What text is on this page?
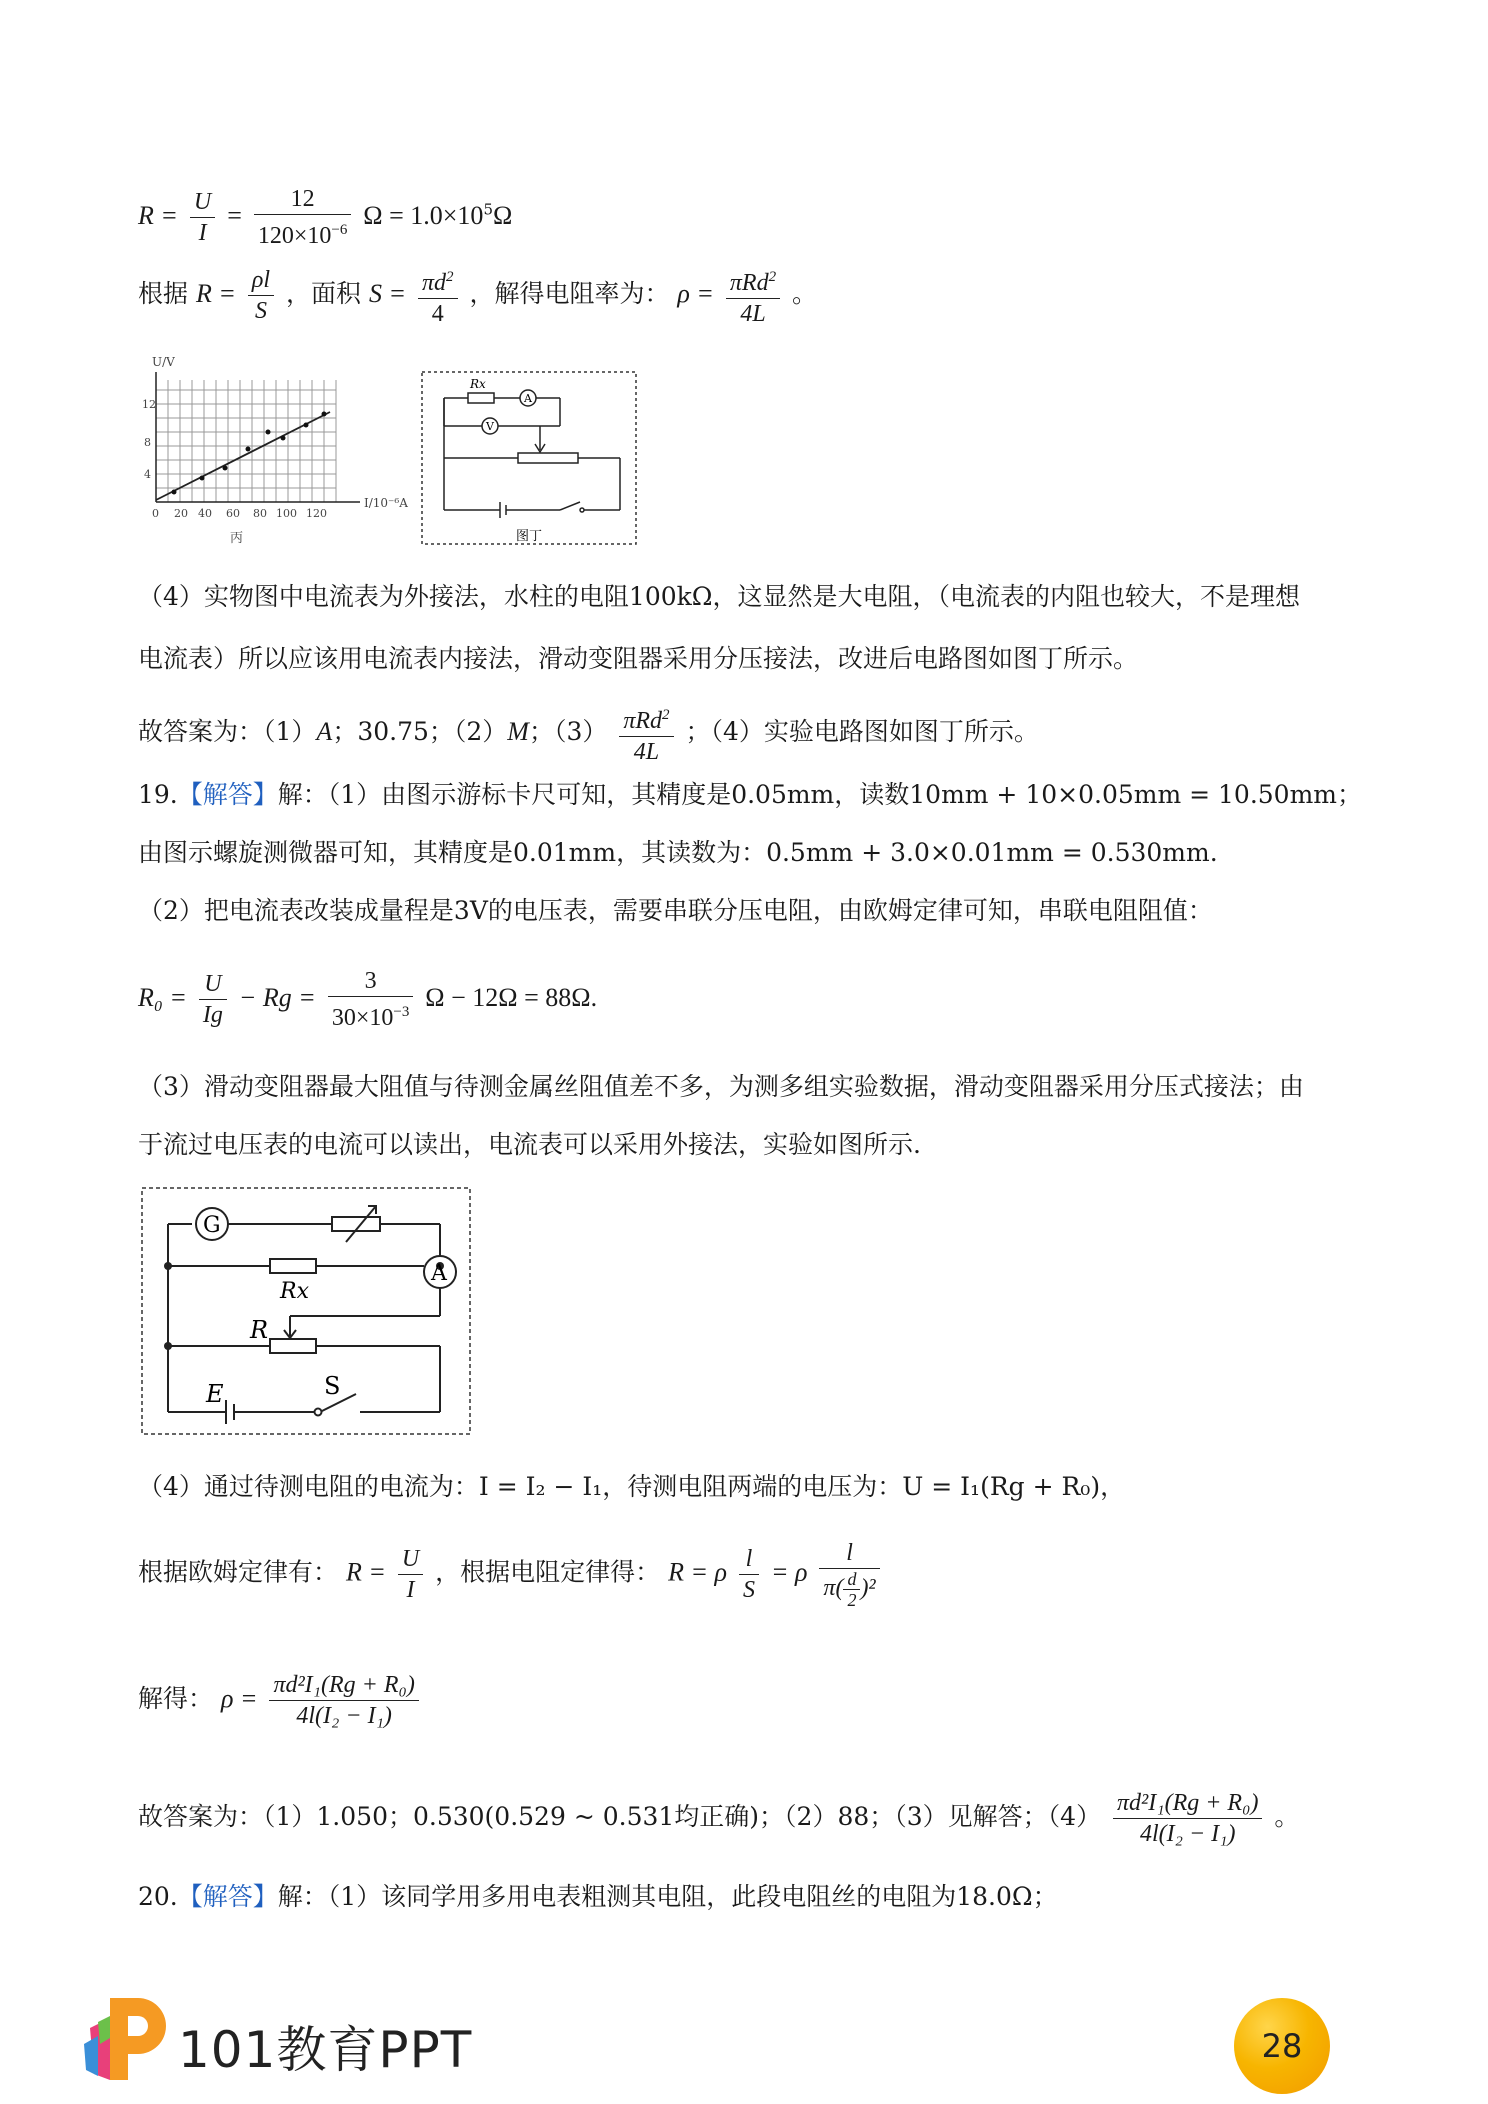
$R = \frac{U}{I} = \frac{12}{120\times 10^{-6}}$ $\Omega = 1.0\times 10^5\Omega$
根据 $R = \frac{\rho l}{S}$ ，面积 $S = \frac{\pi d^2}{4}$ ，解得电阻率为： $\rho = \frac{\pi Rd^2}{4L}$ 。
U/V
I/10⁻⁶A
12
8
4
0 20 40 60 80 100 120
丙
Rx
A
V
图丁
（4）实物图中电流表为外接法，水柱的电阻100kΩ，这显然是大电阻，（电流表的内阻也较大，不是理想
电流表）所以应该用电流表内接法，滑动变阻器采用分压接法，改进后电路图如图丁所示。
故答案为：（1）A；30.75；（2）M；$(3) \frac{\pi Rd^2}{4L}$ ；（4）实验电路图如图丁所示。
19.【解答】解：（1）由图示游标卡尺可知，其精度是0.05mm，读数10mm + 10×0.05mm = 10.50mm；
由图示螺旋测微器可知，其精度是0.01mm，其读数为：0.5mm + 3.0×0.01mm = 0.530mm.
（2）把电流表改装成量程是3V的电压表，需要串联分压电阻，由欧姆定律可知，串联电阻阻值：
$R_0 = \frac{U}{Ig} - Rg = \frac{3}{30\times 10^{-3}}$ Ω − 12Ω = 88Ω.
（3）滑动变阻器最大阻值与待测金属丝阻值差不多，为测多组实验数据，滑动变阻器采用分压式接法；由
于流过电压表的电流可以读出，电流表可以采用外接法，实验如图所示.
G
A
Rx
R
E	S
（4）通过待测电阻的电流为：I = I₂ − I₁，待测电阻两端的电压为：U = I₁(Rg + R₀)，
根据欧姆定律有： $R = \frac{U}{I}$ ，根据电阻定律得： R = ρ $\frac{l}{S} = \rho \frac{l}{\pi( \frac{d}{2} )^2}$
解得： $\rho = \frac{\text{πd²I₁(Rg + R₀)}}{\text{4l(I₂ − I₁)}}$
故答案为：（1）1.050；0.530(0.529 ~ 0.531均正确)；（2）88；（3）见解答；$(4) \frac{\text{πd²I₁(Rg + R₀)}}{\text{4l(I₂ − I₁)}}$ 。
20.【解答】解：（1）该同学用多用电表粗测其电阻，此段电阻丝的电阻为18.0Ω；
101教育PPT	28
